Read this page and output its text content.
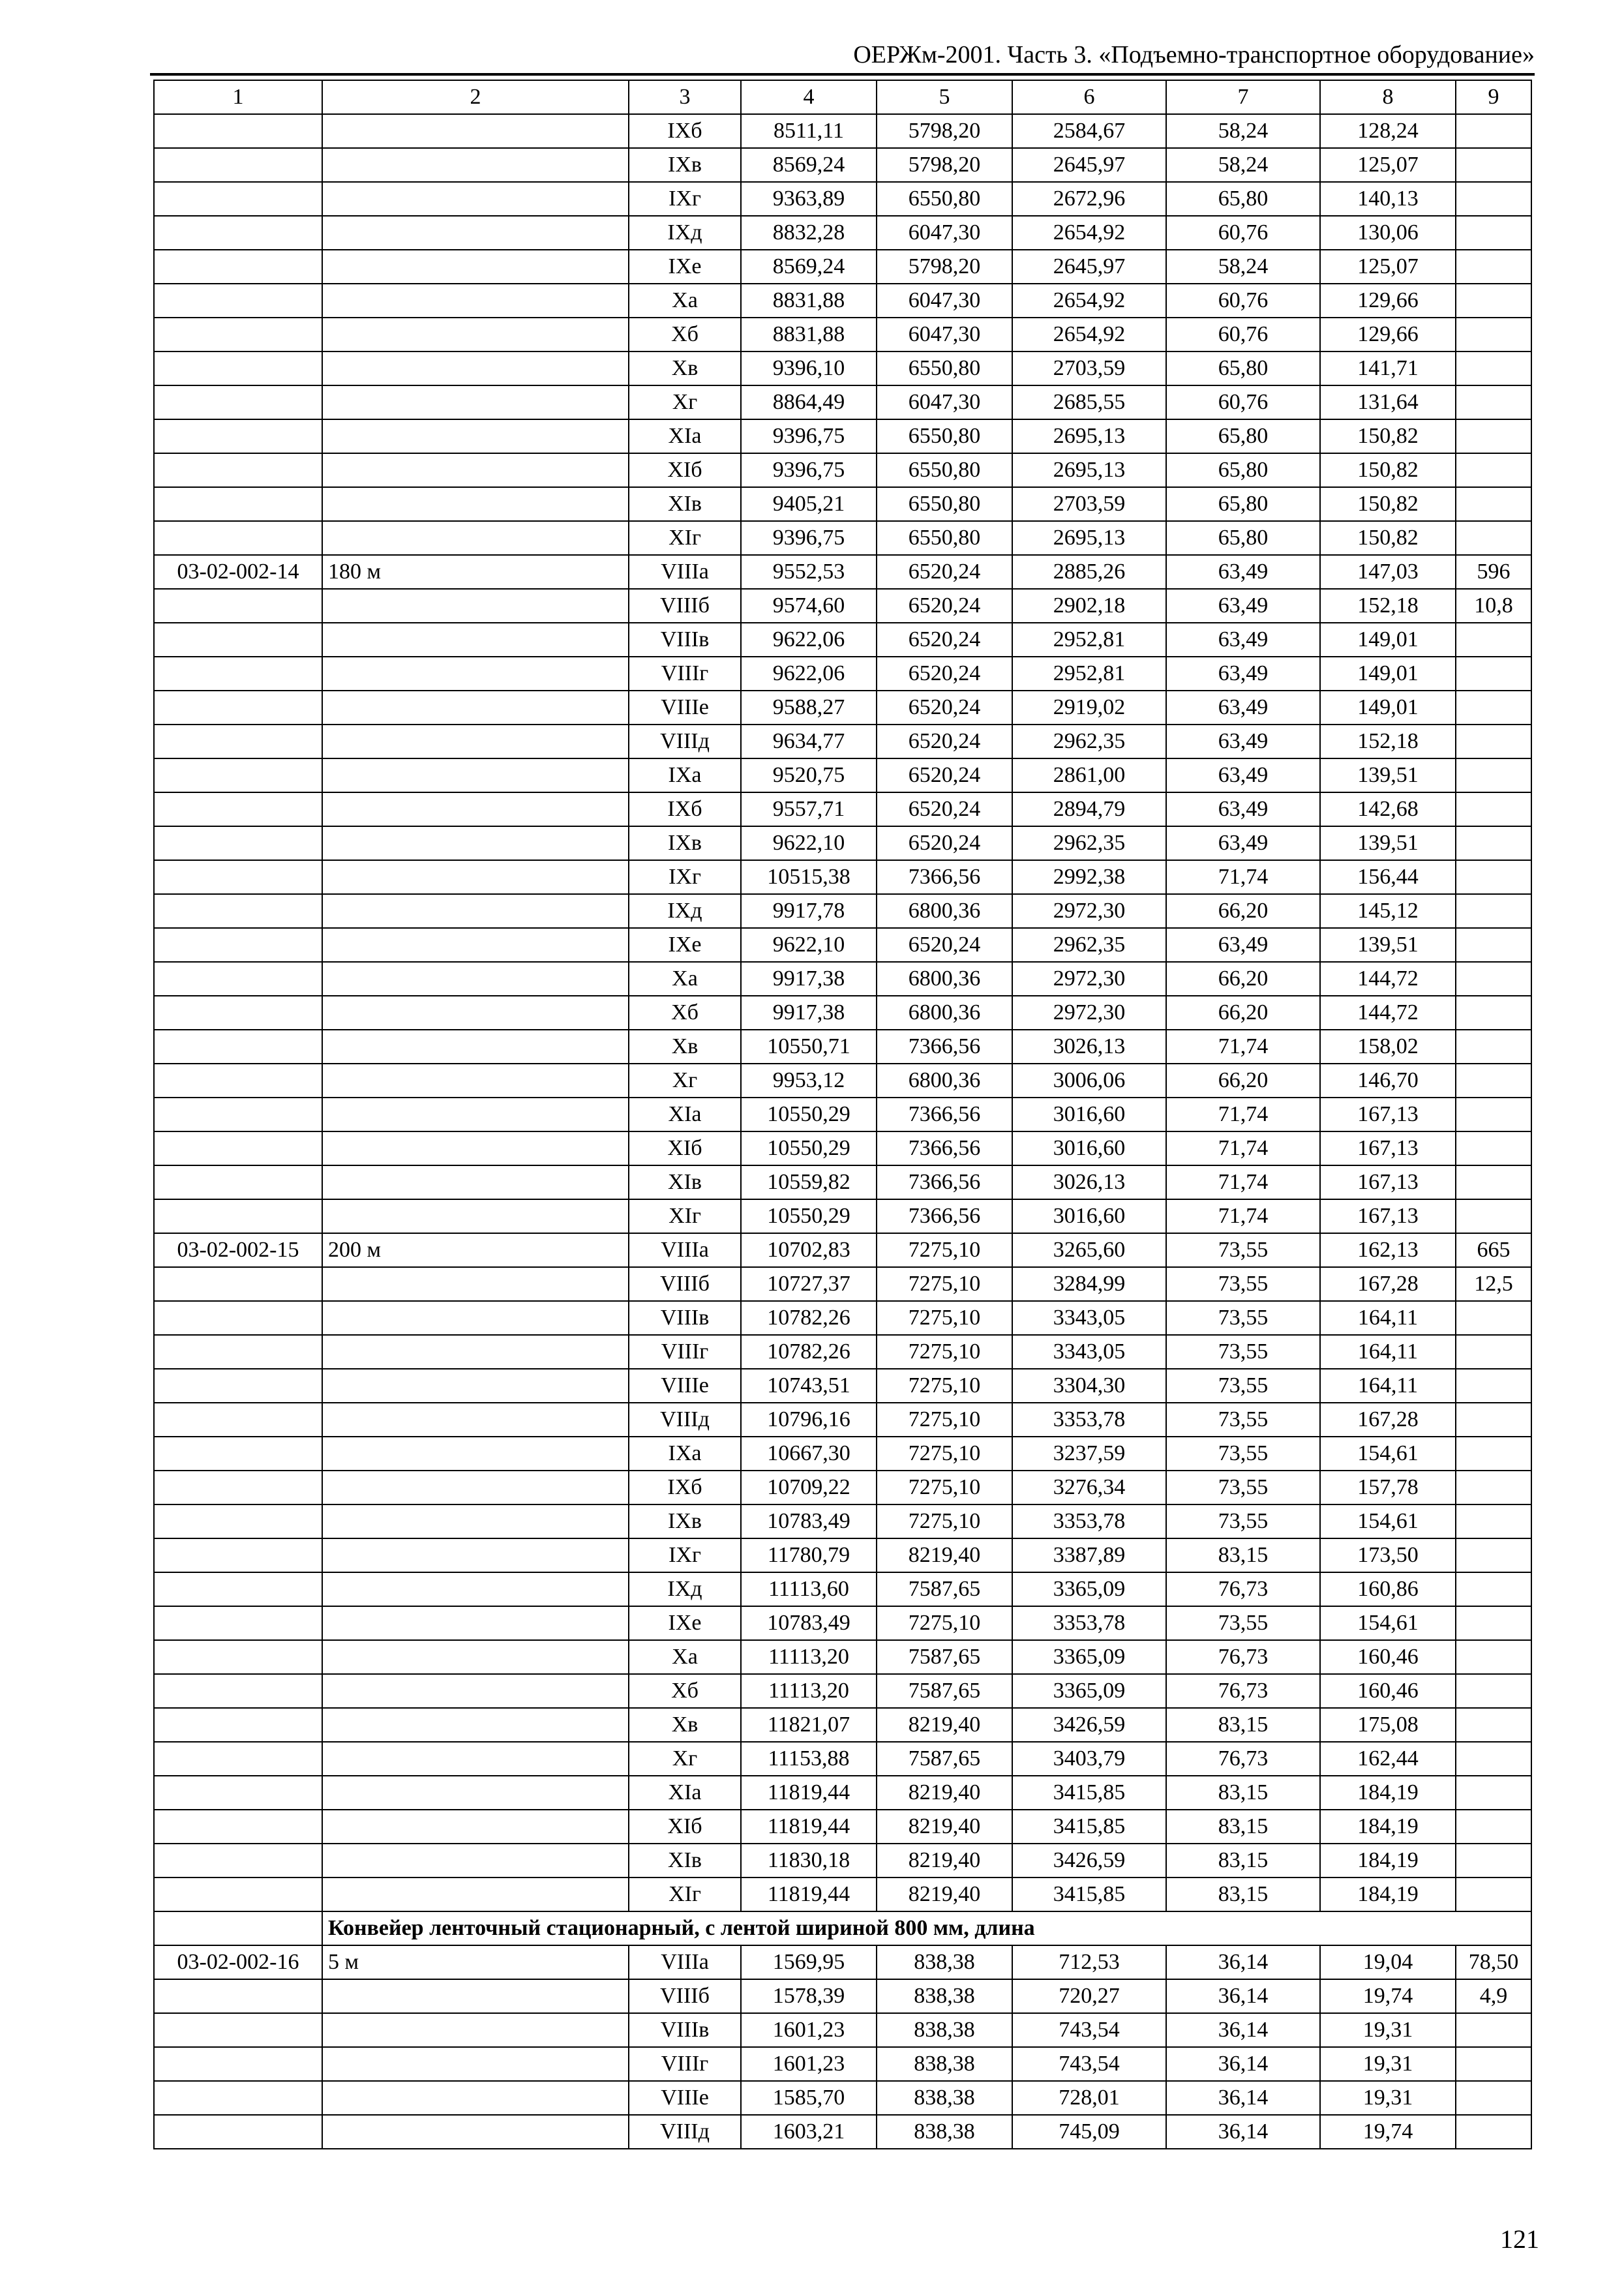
ОЕРЖм-2001. Часть 3. «Подъемно-транспортное оборудование»
1	2	3	4	5	6	7	8	9
		IXб	8511,11	5798,20	2584,67	58,24	128,24	
		IXв	8569,24	5798,20	2645,97	58,24	125,07	
		IXг	9363,89	6550,80	2672,96	65,80	140,13	
		IXд	8832,28	6047,30	2654,92	60,76	130,06	
		IXе	8569,24	5798,20	2645,97	58,24	125,07	
		Xа	8831,88	6047,30	2654,92	60,76	129,66	
		Xб	8831,88	6047,30	2654,92	60,76	129,66	
		Xв	9396,10	6550,80	2703,59	65,80	141,71	
		Xг	8864,49	6047,30	2685,55	60,76	131,64	
		XIа	9396,75	6550,80	2695,13	65,80	150,82	
		XIб	9396,75	6550,80	2695,13	65,80	150,82	
		XIв	9405,21	6550,80	2703,59	65,80	150,82	
		XIг	9396,75	6550,80	2695,13	65,80	150,82	
03-02-002-14	180 м	VIIIа	9552,53	6520,24	2885,26	63,49	147,03	596
		VIIIб	9574,60	6520,24	2902,18	63,49	152,18	10,8
		VIIIв	9622,06	6520,24	2952,81	63,49	149,01	
		VIIIг	9622,06	6520,24	2952,81	63,49	149,01	
		VIIIе	9588,27	6520,24	2919,02	63,49	149,01	
		VIIIд	9634,77	6520,24	2962,35	63,49	152,18	
		IXа	9520,75	6520,24	2861,00	63,49	139,51	
		IXб	9557,71	6520,24	2894,79	63,49	142,68	
		IXв	9622,10	6520,24	2962,35	63,49	139,51	
		IXг	10515,38	7366,56	2992,38	71,74	156,44	
		IXд	9917,78	6800,36	2972,30	66,20	145,12	
		IXе	9622,10	6520,24	2962,35	63,49	139,51	
		Xа	9917,38	6800,36	2972,30	66,20	144,72	
		Xб	9917,38	6800,36	2972,30	66,20	144,72	
		Xв	10550,71	7366,56	3026,13	71,74	158,02	
		Xг	9953,12	6800,36	3006,06	66,20	146,70	
		XIа	10550,29	7366,56	3016,60	71,74	167,13	
		XIб	10550,29	7366,56	3016,60	71,74	167,13	
		XIв	10559,82	7366,56	3026,13	71,74	167,13	
		XIг	10550,29	7366,56	3016,60	71,74	167,13	
03-02-002-15	200 м	VIIIа	10702,83	7275,10	3265,60	73,55	162,13	665
		VIIIб	10727,37	7275,10	3284,99	73,55	167,28	12,5
		VIIIв	10782,26	7275,10	3343,05	73,55	164,11	
		VIIIг	10782,26	7275,10	3343,05	73,55	164,11	
		VIIIе	10743,51	7275,10	3304,30	73,55	164,11	
		VIIIд	10796,16	7275,10	3353,78	73,55	167,28	
		IXа	10667,30	7275,10	3237,59	73,55	154,61	
		IXб	10709,22	7275,10	3276,34	73,55	157,78	
		IXв	10783,49	7275,10	3353,78	73,55	154,61	
		IXг	11780,79	8219,40	3387,89	83,15	173,50	
		IXд	11113,60	7587,65	3365,09	76,73	160,86	
		IXе	10783,49	7275,10	3353,78	73,55	154,61	
		Xа	11113,20	7587,65	3365,09	76,73	160,46	
		Xб	11113,20	7587,65	3365,09	76,73	160,46	
		Xв	11821,07	8219,40	3426,59	83,15	175,08	
		Xг	11153,88	7587,65	3403,79	76,73	162,44	
		XIа	11819,44	8219,40	3415,85	83,15	184,19	
		XIб	11819,44	8219,40	3415,85	83,15	184,19	
		XIв	11830,18	8219,40	3426,59	83,15	184,19	
		XIг	11819,44	8219,40	3415,85	83,15	184,19	
	Конвейер ленточный стационарный, с лентой шириной 800 мм, длина							
03-02-002-16	5 м	VIIIа	1569,95	838,38	712,53	36,14	19,04	78,50
		VIIIб	1578,39	838,38	720,27	36,14	19,74	4,9
		VIIIв	1601,23	838,38	743,54	36,14	19,31	
		VIIIг	1601,23	838,38	743,54	36,14	19,31	
		VIIIе	1585,70	838,38	728,01	36,14	19,31	
		VIIIд	1603,21	838,38	745,09	36,14	19,74	
121
